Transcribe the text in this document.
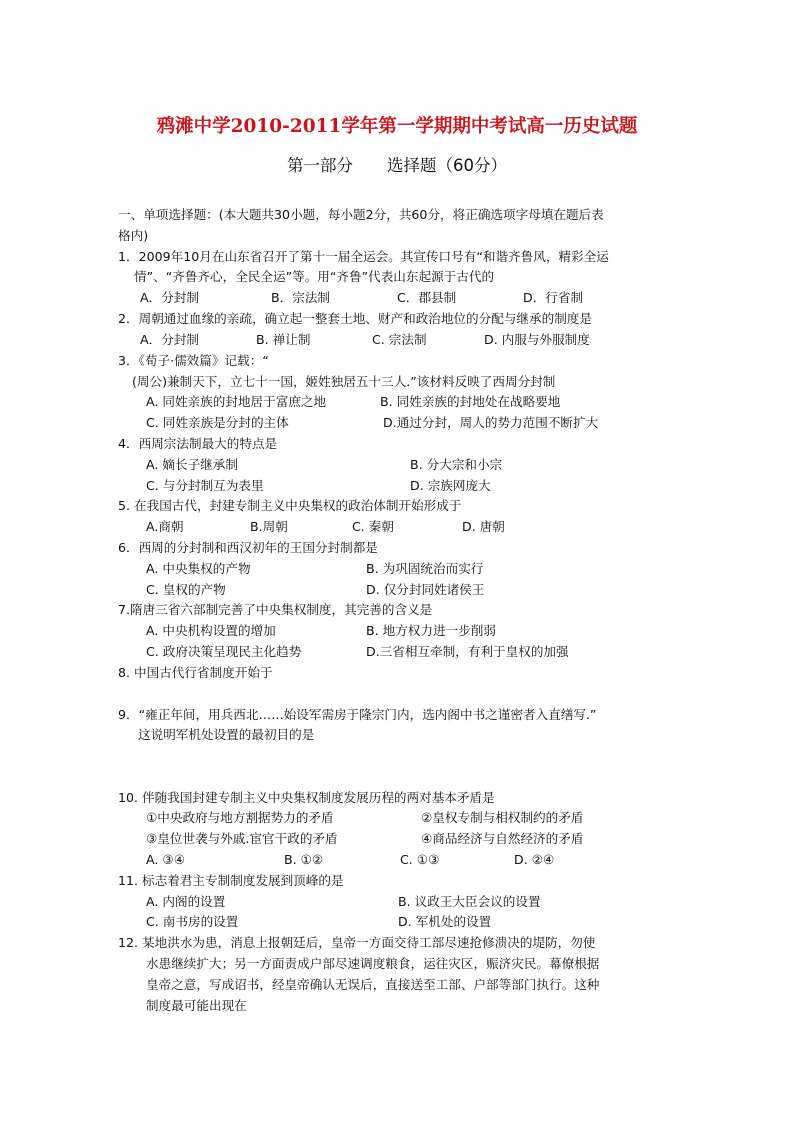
鸦滩中学2010-2011学年第一学期期中考试高一历史试题
第一部分 选择题（60分）
一、单项选择题：(本大题共30小题，每小题2分，共60分，将正确选项字母填在题后表
格内)
1．2009年10月在山东省召开了第十一届全运会。其宣传口号有“和谐齐鲁风，精彩全运
情”、“齐鲁齐心，全民全运”等。用“齐鲁”代表山东起源于古代的
A．分封制	B．宗法制	C．郡县制	D．行省制
2．周朝通过血缘的亲疏，确立起一整套土地、财产和政治地位的分配与继承的制度是
A．分封制	B. 禅让制	C. 宗法制	D. 内服与外服制度
3．《荀子·儒效篇》记载：“
(周公)兼制天下，立七十一国，姬姓独居五十三人.”该材料反映了西周分封制
A. 同姓亲族的封地居于富庶之地	B. 同姓亲族的封地处在战略要地
C. 同姓亲族是分封的主体	D.通过分封，周人的势力范围不断扩大
4．西周宗法制最大的特点是
A. 嫡长子继承制	B. 分大宗和小宗
C. 与分封制互为表里	D. 宗族网庞大
5. 在我国古代，封建专制主义中央集权的政治体制开始形成于
A.商朝	B.周朝	C. 秦朝	D. 唐朝
6．西周的分封制和西汉初年的王国分封制都是
A. 中央集权的产物	B. 为巩固统治而实行
C. 皇权的产物	D. 仅分封同姓诸侯王
7.隋唐三省六部制完善了中央集权制度，其完善的含义是
A. 中央机构设置的增加	B. 地方权力进一步削弱
C. 政府决策呈现民主化趋势	D.三省相互牵制，有利于皇权的加强
8. 中国古代行省制度开始于
9．“雍正年间，用兵西北……始设军需房于隆宗门内，选内阁中书之谨密者入直缮写.”
这说明军机处设置的最初目的是
10. 伴随我国封建专制主义中央集权制度发展历程的两对基本矛盾是
①中央政府与地方割据势力的矛盾	②皇权专制与相权制约的矛盾
③皇位世袭与外戚.宦官干政的矛盾	④商品经济与自然经济的矛盾
A. ③④	B. ①②	C. ①③	D. ②④
11. 标志着君主专制制度发展到顶峰的是
A. 内阁的设置	B. 议政王大臣会议的设置
C. 南书房的设置	D. 军机处的设置
12. 某地洪水为患，消息上报朝廷后，皇帝一方面交待工部尽速抢修溃决的堤防，勿使
水患继续扩大；另一方面责成户部尽速调度粮食，运往灾区，赈济灾民。幕僚根据
皇帝之意，写成诏书，经皇帝确认无误后，直接送至工部、户部等部门执行。这种
制度最可能出现在
